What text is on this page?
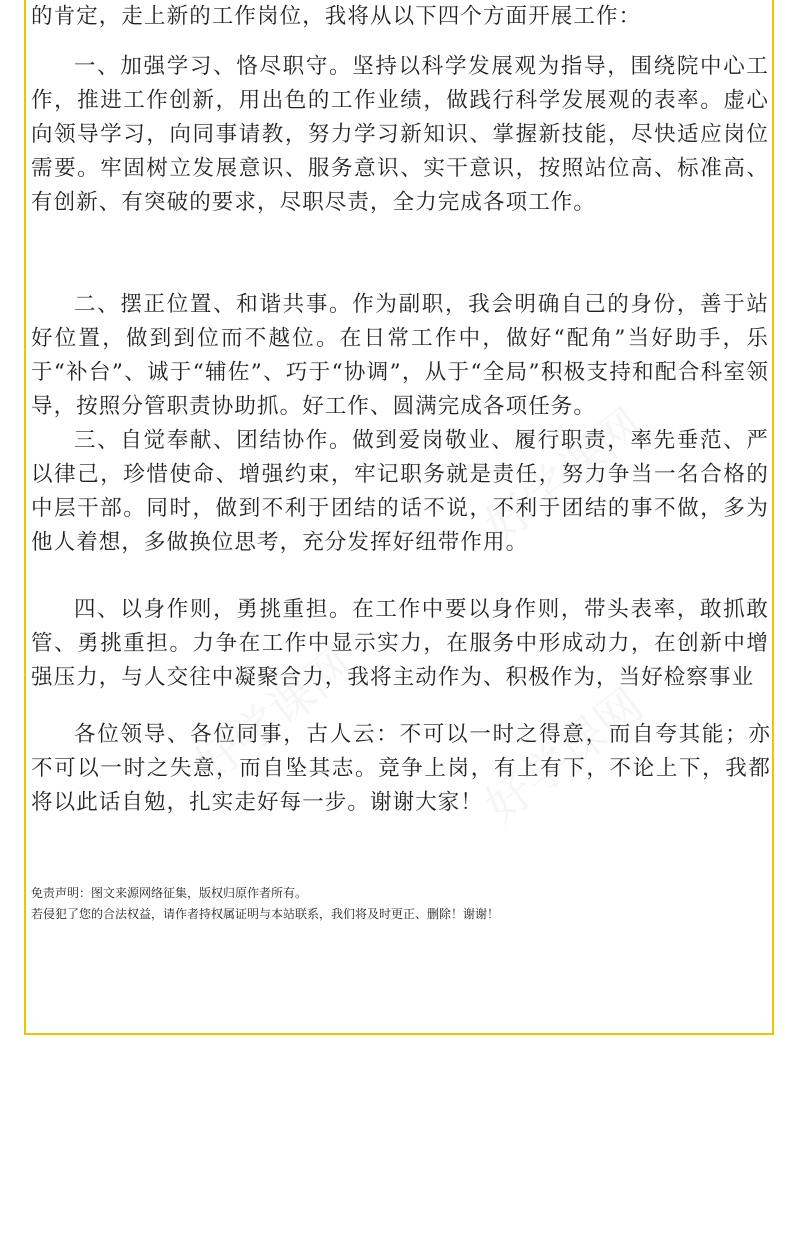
好学课网
好学课网 好学课网

的肯定，走上新的工作岗位，我将从以下四个方面开展工作：

一、加强学习、恪尽职守。坚持以科学发展观为指导，围绕院中心工作，推进工作创新，用出色的工作业绩，做践行科学发展观的表率。虚心向领导学习，向同事请教，努力学习新知识、掌握新技能，尽快适应岗位需要。牢固树立发展意识、服务意识、实干意识，按照站位高、标准高、有创新、有突破的要求，尽职尽责，全力完成各项工作。

二、摆正位置、和谐共事。作为副职，我会明确自己的身份，善于站好位置，做到到位而不越位。在日常工作中，做好“配角”当好助手，乐于“补台”、诚于“辅佐”、巧于“协调”，从于“全局”积极支持和配合科室领导，按照分管职责协助抓。好工作、圆满完成各项任务。

三、自觉奉献、团结协作。做到爱岗敬业、履行职责，率先垂范、严以律己，珍惜使命、增强约束，牢记职务就是责任，努力争当一名合格的中层干部。同时，做到不利于团结的话不说，不利于团结的事不做，多为他人着想，多做换位思考，充分发挥好纽带作用。

四、以身作则，勇挑重担。在工作中要以身作则，带头表率，敢抓敢管、勇挑重担。力争在工作中显示实力，在服务中形成动力，在创新中增强压力，与人交往中凝聚合力，我将主动作为、积极作为，当好检察事业

各位领导、各位同事，古人云：不可以一时之得意，而自夸其能；亦不可以一时之失意，而自坠其志。竞争上岗，有上有下，不论上下，我都将以此话自勉，扎实走好每一步。谢谢大家！

免责声明：图文来源网络征集，版权归原作者所有。
若侵犯了您的合法权益，请作者持权属证明与本站联系，我们将及时更正、删除！谢谢！
